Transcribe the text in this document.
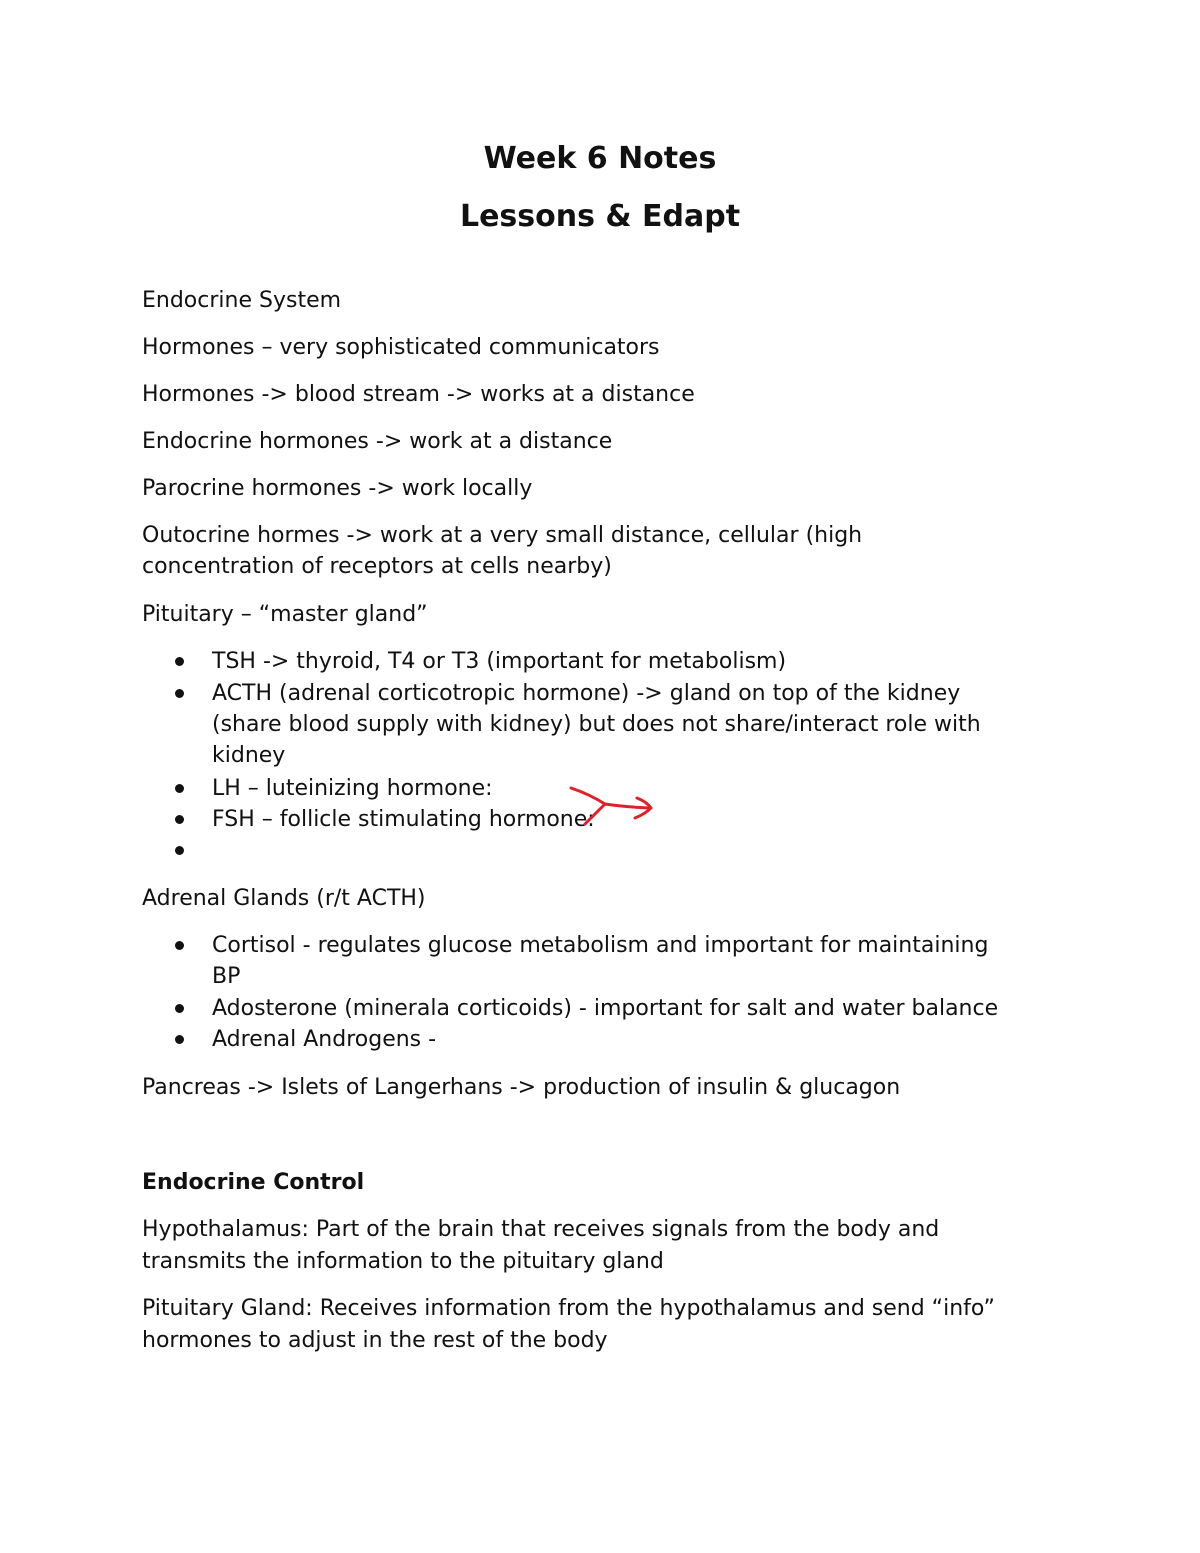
Week 6 Notes
Lessons & Edapt

Endocrine System

Hormones – very sophisticated communicators

Hormones -> blood stream -> works at a distance

Endocrine hormones -> work at a distance

Parocrine hormones -> work locally

Outocrine hormes -> work at a very small distance, cellular (high

concentration of receptors at cells nearby)

Pituitary – “master gland”

TSH -> thyroid, T4 or T3 (important for metabolism)
ACTH (adrenal corticotropic hormone) -> gland on top of the kidney
(share blood supply with kidney) but does not share/interact role with
kidney
LH – luteinizing hormone:
FSH – follicle stimulating hormone:

Adrenal Glands (r/t ACTH)

Cortisol - regulates glucose metabolism and important for maintaining
BP
Adosterone (minerala corticoids) - important for salt and water balance
Adrenal Androgens -

Pancreas -> Islets of Langerhans -> production of insulin & glucagon

Endocrine Control

Hypothalamus: Part of the brain that receives signals from the body and

transmits the information to the pituitary gland

Pituitary Gland: Receives information from the hypothalamus and send “info”

hormones to adjust in the rest of the body
